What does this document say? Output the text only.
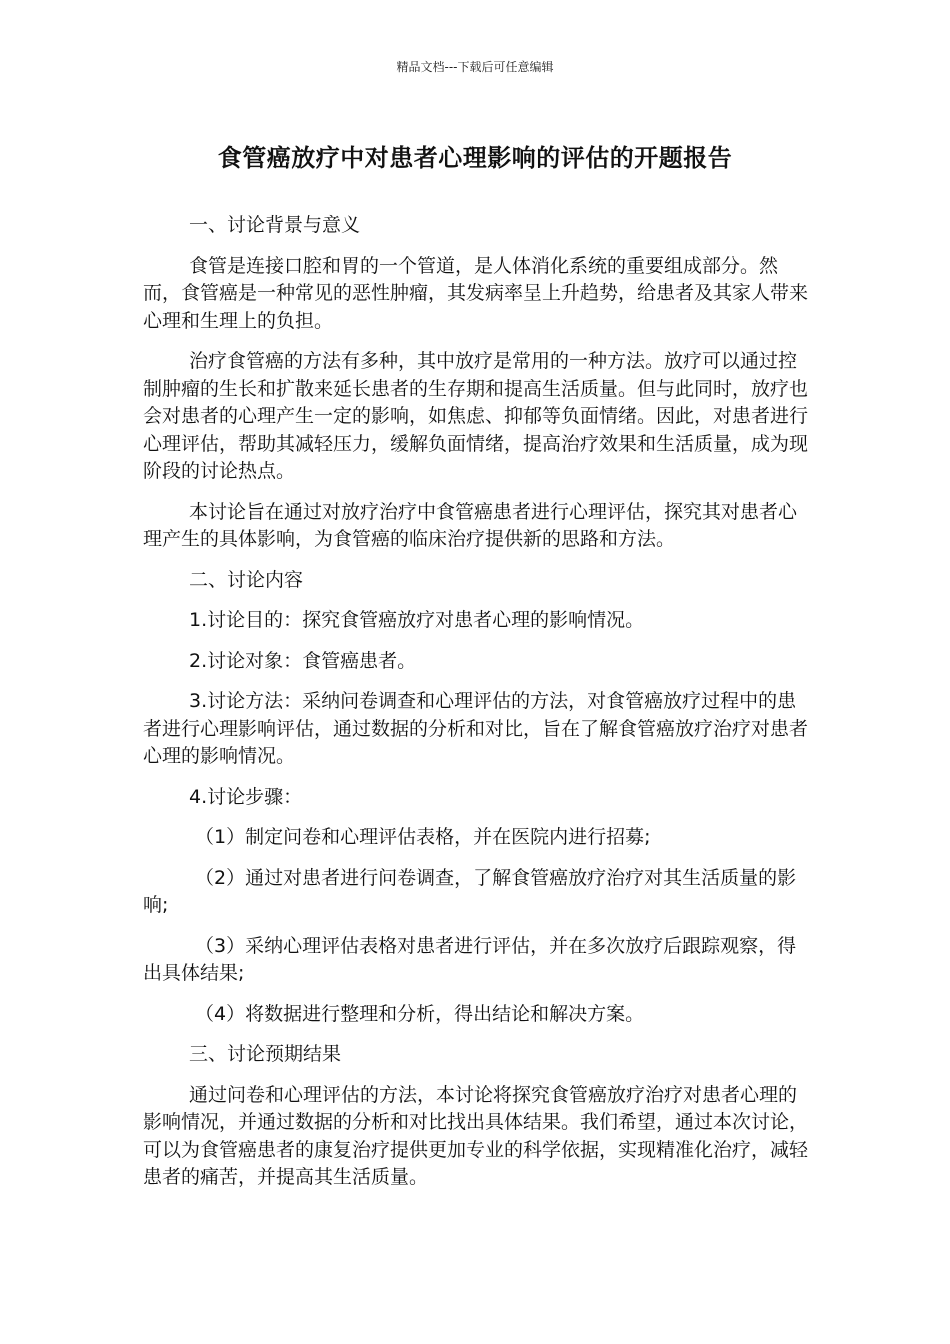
精品文档---下载后可任意编辑
食管癌放疗中对患者心理影响的评估的开题报告

一、讨论背景与意义

食管是连接口腔和胃的一个管道，是人体消化系统的重要组成部分。然而，食管癌是一种常见的恶性肿瘤，其发病率呈上升趋势，给患者及其家人带来心理和生理上的负担。

治疗食管癌的方法有多种，其中放疗是常用的一种方法。放疗可以通过控制肿瘤的生长和扩散来延长患者的生存期和提高生活质量。但与此同时，放疗也会对患者的心理产生一定的影响，如焦虑、抑郁等负面情绪。因此，对患者进行心理评估，帮助其减轻压力，缓解负面情绪，提高治疗效果和生活质量，成为现阶段的讨论热点。

本讨论旨在通过对放疗治疗中食管癌患者进行心理评估，探究其对患者心理产生的具体影响，为食管癌的临床治疗提供新的思路和方法。

二、讨论内容

1.讨论目的：探究食管癌放疗对患者心理的影响情况。

2.讨论对象：食管癌患者。

3.讨论方法：采纳问卷调查和心理评估的方法，对食管癌放疗过程中的患者进行心理影响评估，通过数据的分析和对比，旨在了解食管癌放疗治疗对患者心理的影响情况。

4.讨论步骤：

（1）制定问卷和心理评估表格，并在医院内进行招募;

（2）通过对患者进行问卷调查，了解食管癌放疗治疗对其生活质量的影响;

（3）采纳心理评估表格对患者进行评估，并在多次放疗后跟踪观察，得出具体结果;

（4）将数据进行整理和分析，得出结论和解决方案。

三、讨论预期结果

通过问卷和心理评估的方法，本讨论将探究食管癌放疗治疗对患者心理的影响情况，并通过数据的分析和对比找出具体结果。我们希望，通过本次讨论，可以为食管癌患者的康复治疗提供更加专业的科学依据，实现精准化治疗，减轻患者的痛苦，并提高其生活质量。
